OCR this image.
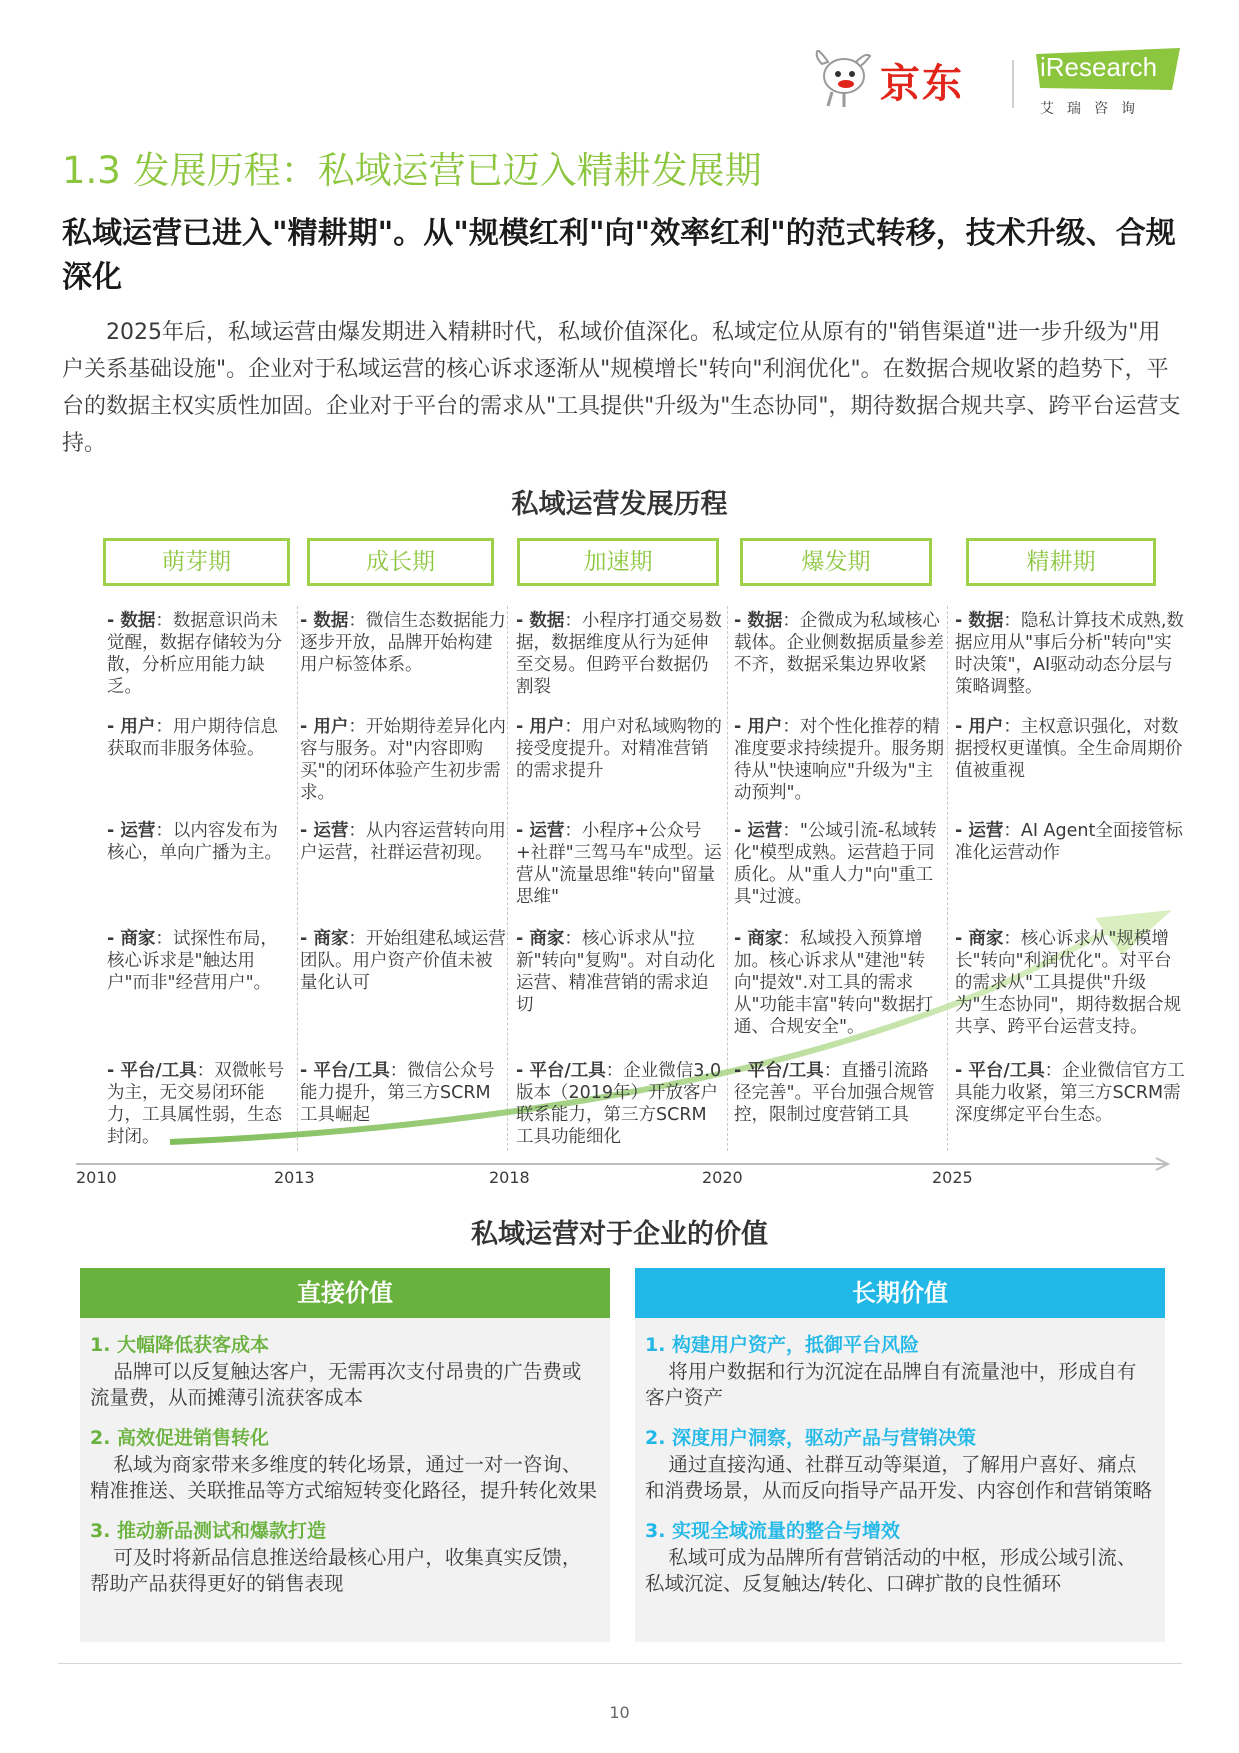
京东	iResearch
艾瑞咨询
1.3 发展历程：私域运营已迈入精耕发展期
私域运营已进入"精耕期"。从"规模红利"向"效率红利"的范式转移，技术升级、合规深化
2025年后，私域运营由爆发期进入精耕时代，私域价值深化。私域定位从原有的"销售渠道"进一步升级为"用户关系基础设施"。企业对于私域运营的核心诉求逐渐从"规模增长"转向"利润优化"。在数据合规收紧的趋势下，平台的数据主权实质性加固。企业对于平台的需求从"工具提供"升级为"生态协同"，期待数据合规共享、跨平台运营支持。
私域运营发展历程
萌芽期	成长期	加速期	爆发期	精耕期
- 数据：数据意识尚未觉醒，数据存储较为分散，分析应用能力缺乏。
- 数据：微信生态数据能力逐步开放，品牌开始构建用户标签体系。
- 数据：小程序打通交易数据，数据维度从行为延伸至交易。但跨平台数据仍割裂
- 数据：企微成为私域核心载体。企业侧数据质量参差不齐，数据采集边界收紧
- 数据：隐私计算技术成熟,数据应用从"事后分析"转向"实时决策"，AI驱动动态分层与策略调整。
- 用户：用户期待信息获取而非服务体验。
- 用户：开始期待差异化内容与服务。对"内容即购买"的闭环体验产生初步需求。
- 用户：用户对私域购物的接受度提升。对精准营销的需求提升
- 用户：对个性化推荐的精准度要求持续提升。服务期待从"快速响应"升级为"主动预判"。
- 用户：主权意识强化，对数据授权更谨慎。全生命周期价值被重视
- 运营：以内容发布为核心，单向广播为主。
- 运营：从内容运营转向用户运营，社群运营初现。
- 运营：小程序+公众号+社群"三驾马车"成型。运营从"流量思维"转向"留量思维"
- 运营："公域引流-私域转化"模型成熟。运营趋于同质化。从"重人力"向"重工具"过渡。
- 运营：AI Agent全面接管标准化运营动作
- 商家：试探性布局，核心诉求是"触达用户"而非"经营用户"。
- 商家：开始组建私域运营团队。用户资产价值未被量化认可
- 商家：核心诉求从"拉新"转向"复购"。对自动化运营、精准营销的需求迫切
- 商家：私域投入预算增加。核心诉求从"建池"转向"提效".对工具的需求从"功能丰富"转向"数据打通、合规安全"。
- 商家：核心诉求从"规模增长"转向"利润优化"。对平台的需求从"工具提供"升级为"生态协同"，期待数据合规共享、跨平台运营支持。
- 平台/工具：双微帐号为主，无交易闭环能力，工具属性弱，生态封闭。
- 平台/工具：微信公众号能力提升，第三方SCRM工具崛起
- 平台/工具：企业微信3.0版本（2019年）开放客户联系能力，第三方SCRM工具功能细化
- 平台/工具：直播引流路径完善"。平台加强合规管控，限制过度营销工具
- 平台/工具：企业微信官方工具能力收紧，第三方SCRM需深度绑定平台生态。
2010	2013	2018	2020	2025
私域运营对于企业的价值
直接价值
1. 大幅降低获客成本
品牌可以反复触达客户，无需再次支付昂贵的广告费或流量费，从而摊薄引流获客成本
2. 高效促进销售转化
私域为商家带来多维度的转化场景，通过一对一咨询、精准推送、关联推品等方式缩短转变化路径，提升转化效果
3. 推动新品测试和爆款打造
可及时将新品信息推送给最核心用户，收集真实反馈，帮助产品获得更好的销售表现
长期价值
1. 构建用户资产，抵御平台风险
将用户数据和行为沉淀在品牌自有流量池中，形成自有客户资产
2. 深度用户洞察，驱动产品与营销决策
通过直接沟通、社群互动等渠道，了解用户喜好、痛点和消费场景，从而反向指导产品开发、内容创作和营销策略
3. 实现全域流量的整合与增效
私域可成为品牌所有营销活动的中枢，形成公域引流、私域沉淀、反复触达/转化、口碑扩散的良性循环
10
